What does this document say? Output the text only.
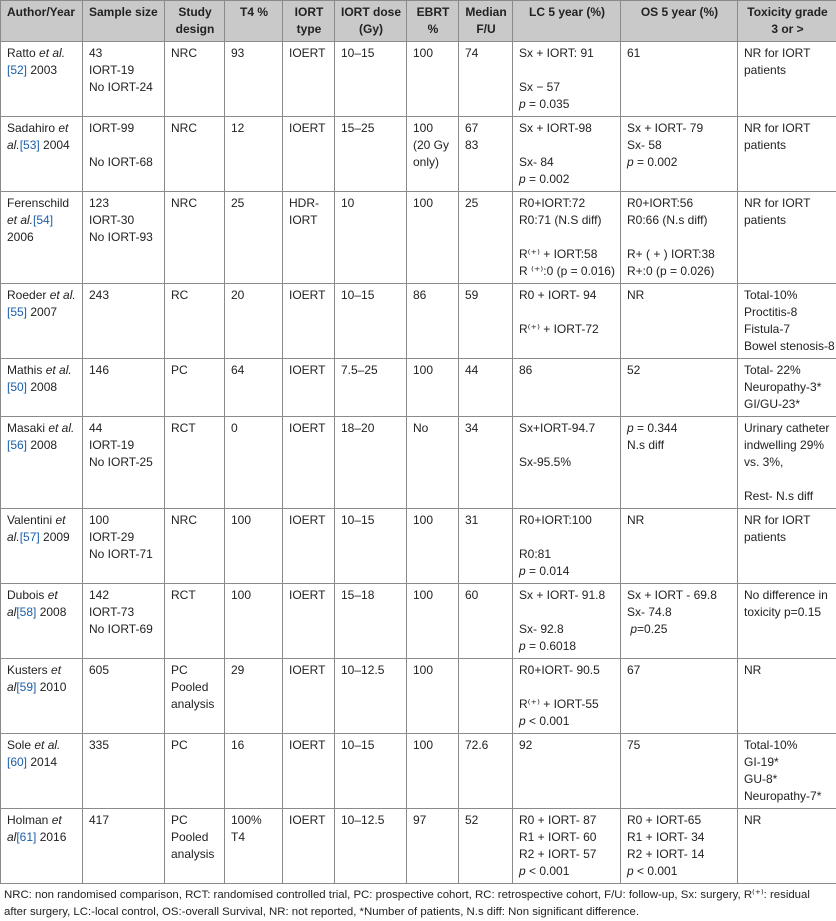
Author/Year	Sample size	Study design	T4 %	IORT type	IORT dose (Gy)	EBRT %	Median F/U	LC 5 year (%)	OS 5 year (%)	Toxicity grade 3 or >
Ratto et al.[52] 2003	43
IORT-19
No IORT-24	NRC	93	IOERT	10–15	100	74	Sx + IORT: 91
Sx − 57
p = 0.035	61	NR for IORT
patients

Sadahiro et al.[53] 2004	IORT-99
No IORT-68	NRC	12	IOERT	15–25	100
(20 Gy
only)	67
83	Sx + IORT-98
Sx- 84
p = 0.002	Sx + IORT- 79
Sx- 58
p = 0.002	NR for IORT
patients

Ferenschild et al.[54] 2006	123
IORT-30
No IORT-93	NRC	25	HDR-
IORT	10	100	25	R0+IORT:72
R0:71 (N.S diff)
R⁽⁺⁾ + IORT:58
R ⁽⁺⁾:0 (p = 0.016)	R0+IORT:56
R0:66 (N.s diff)
R+ ( + ) IORT:38
R+:0 (p = 0.026)	NR for IORT
patients

Roeder et al.[55] 2007	243	RC	20	IOERT	10–15	86	59	R0 + IORT- 94
R⁽⁺⁾ + IORT-72	NR	Total-10%
Proctitis-8
Fistula-7
Bowel stenosis-8

Mathis et al.[50] 2008	146	PC	64	IOERT	7.5–25	100	44	86	52	Total- 22%
Neuropathy-3*
GI/GU-23*

Masaki et al.[56] 2008	44
IORT-19
No IORT-25	RCT	0	IOERT	18–20	No	34	Sx+IORT-94.7
Sx-95.5%	p = 0.344
N.s diff	Urinary catheter
indwelling 29%
vs. 3%,
Rest- N.s diff

Valentini et al.[57] 2009	100
IORT-29
No IORT-71	NRC	100	IOERT	10–15	100	31	R0+IORT:100
R0:81
p = 0.014	NR	NR for IORT
patients

Dubois et al[58] 2008	142
IORT-73
No IORT-69	RCT	100	IOERT	15–18	100	60	Sx + IORT- 91.8
Sx- 92.8
p = 0.6018	Sx + IORT - 69.8
Sx- 74.8
p=0.25	No difference in
toxicity p=0.15

Kusters et al[59] 2010	605	PC
Pooled
analysis	29	IOERT	10–12.5	100		R0+IORT- 90.5
R⁽⁺⁾ + IORT-55
p < 0.001	67	NR

Sole et al.[60] 2014	335	PC	16	IOERT	10–15	100	72.6	92	75	Total-10%
GI-19*
GU-8*
Neuropathy-7*

Holman et al[61] 2016	417	PC
Pooled
analysis	100%
T4	IOERT	10–12.5	97	52	R0 + IORT- 87
R1 + IORT- 60
R2 + IORT- 57
p < 0.001	R0 + IORT-65
R1 + IORT- 34
R2 + IORT- 14
p < 0.001	NR
NRC: non randomised comparison, RCT: randomised controlled trial, PC: prospective cohort, RC: retrospective cohort, F/U: follow-up, Sx: surgery, R⁽⁺⁾: residual after surgery, LC:-local control, OS:-overall Survival, NR: not reported, *Number of patients, N.s diff: Non significant difference.
